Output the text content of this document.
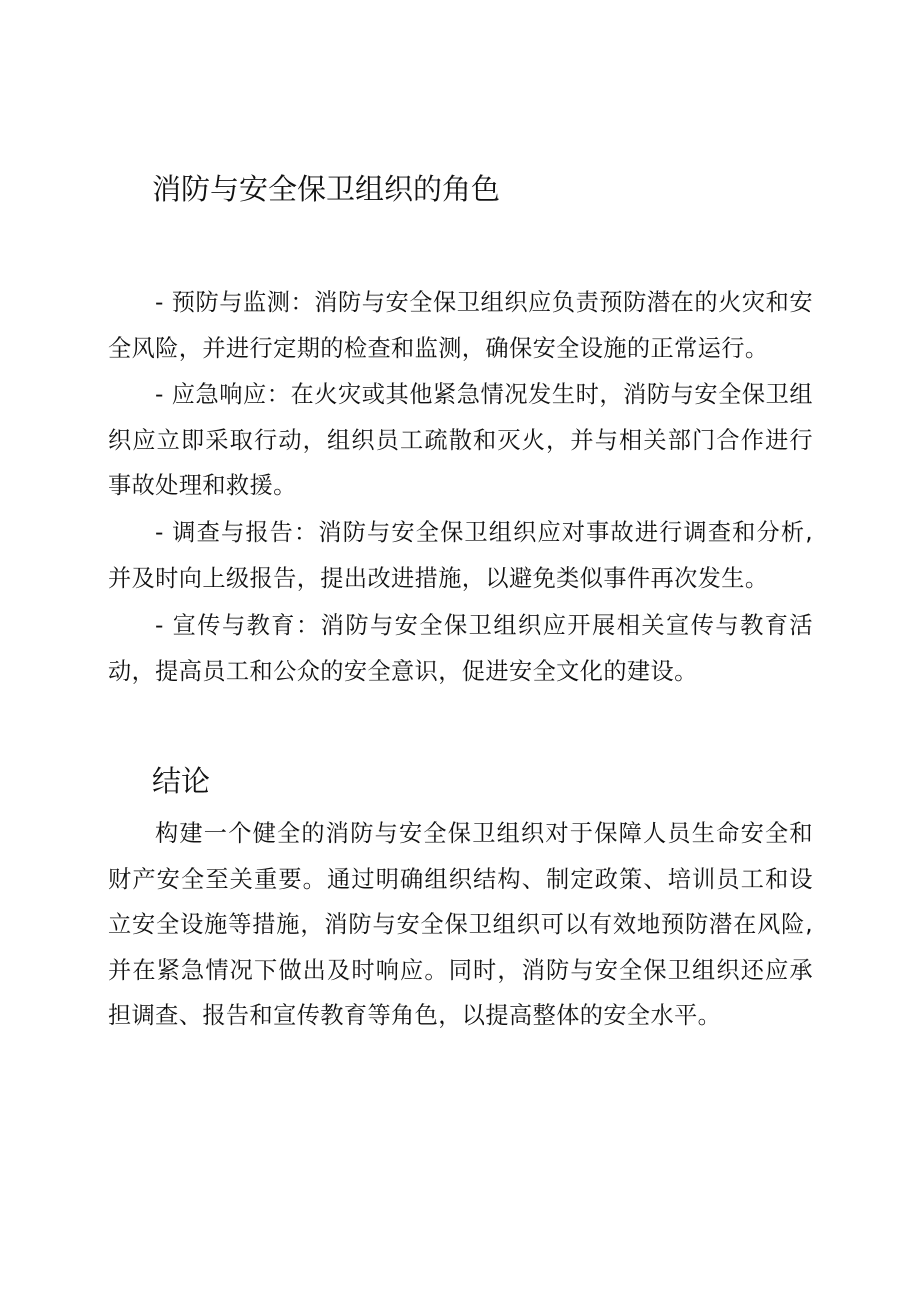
消防与安全保卫组织的角色

- 预防与监测：消防与安全保卫组织应负责预防潜在的火灾和安全风险，并进行定期的检查和监测，确保安全设施的正常运行。

- 应急响应：在火灾或其他紧急情况发生时，消防与安全保卫组织应立即采取行动，组织员工疏散和灭火，并与相关部门合作进行事故处理和救援。

- 调查与报告：消防与安全保卫组织应对事故进行调查和分析,并及时向上级报告，提出改进措施，以避免类似事件再次发生。

- 宣传与教育：消防与安全保卫组织应开展相关宣传与教育活动，提高员工和公众的安全意识，促进安全文化的建设。

结论

构建一个健全的消防与安全保卫组织对于保障人员生命安全和财产安全至关重要。通过明确组织结构、制定政策、培训员工和设立安全设施等措施，消防与安全保卫组织可以有效地预防潜在风险,并在紧急情况下做出及时响应。同时，消防与安全保卫组织还应承担调查、报告和宣传教育等角色，以提高整体的安全水平。
